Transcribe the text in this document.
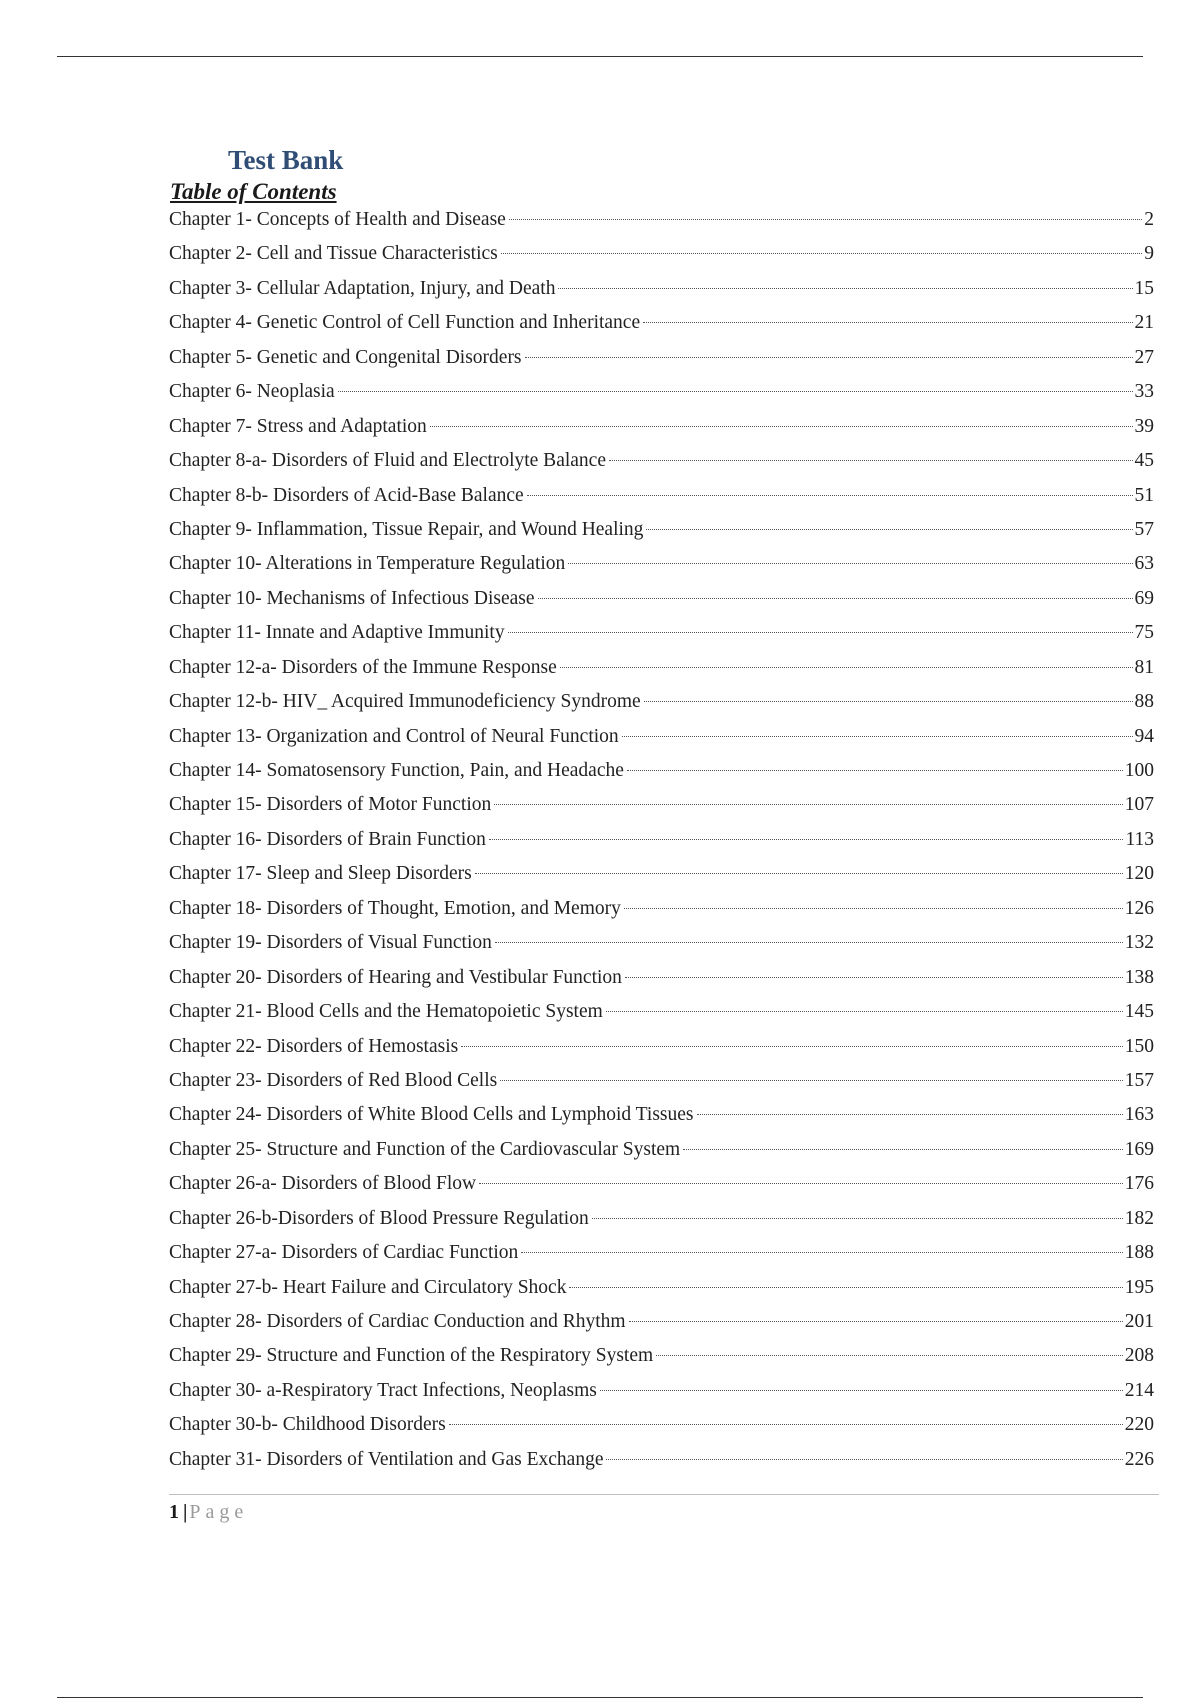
Test Bank
Table of Contents
Chapter 1- Concepts of Health and Disease	2
Chapter 2- Cell and Tissue Characteristics	9
Chapter 3- Cellular Adaptation, Injury, and Death	15
Chapter 4- Genetic Control of Cell Function and Inheritance	21
Chapter 5- Genetic and Congenital Disorders	27
Chapter 6- Neoplasia	33
Chapter 7- Stress and Adaptation	39
Chapter 8-a- Disorders of Fluid and Electrolyte Balance	45
Chapter 8-b- Disorders of Acid-Base Balance	51
Chapter 9- Inflammation, Tissue Repair, and Wound Healing	57
Chapter 10- Alterations in Temperature Regulation	63
Chapter 10- Mechanisms of Infectious Disease	69
Chapter 11- Innate and Adaptive Immunity	75
Chapter 12-a- Disorders of the Immune Response	81
Chapter 12-b- HIV_ Acquired Immunodeficiency Syndrome	88
Chapter 13- Organization and Control of Neural Function	94
Chapter 14- Somatosensory Function, Pain, and Headache	100
Chapter 15- Disorders of Motor Function	107
Chapter 16- Disorders of Brain Function	113
Chapter 17- Sleep and Sleep Disorders	120
Chapter 18- Disorders of Thought, Emotion, and Memory	126
Chapter 19- Disorders of Visual Function	132
Chapter 20- Disorders of Hearing and Vestibular Function	138
Chapter 21- Blood Cells and the Hematopoietic System	145
Chapter 22- Disorders of Hemostasis	150
Chapter 23- Disorders of Red Blood Cells	157
Chapter 24- Disorders of White Blood Cells and Lymphoid Tissues	163
Chapter 25- Structure and Function of the Cardiovascular System	169
Chapter 26-a- Disorders of Blood Flow	176
Chapter 26-b-Disorders of Blood Pressure Regulation	182
Chapter 27-a- Disorders of Cardiac Function	188
Chapter 27-b- Heart Failure and Circulatory Shock	195
Chapter 28- Disorders of Cardiac Conduction and Rhythm	201
Chapter 29- Structure and Function of the Respiratory System	208
Chapter 30- a-Respiratory Tract Infections, Neoplasms	214
Chapter 30-b- Childhood Disorders	220
Chapter 31- Disorders of Ventilation and Gas Exchange	226
1 | Page
